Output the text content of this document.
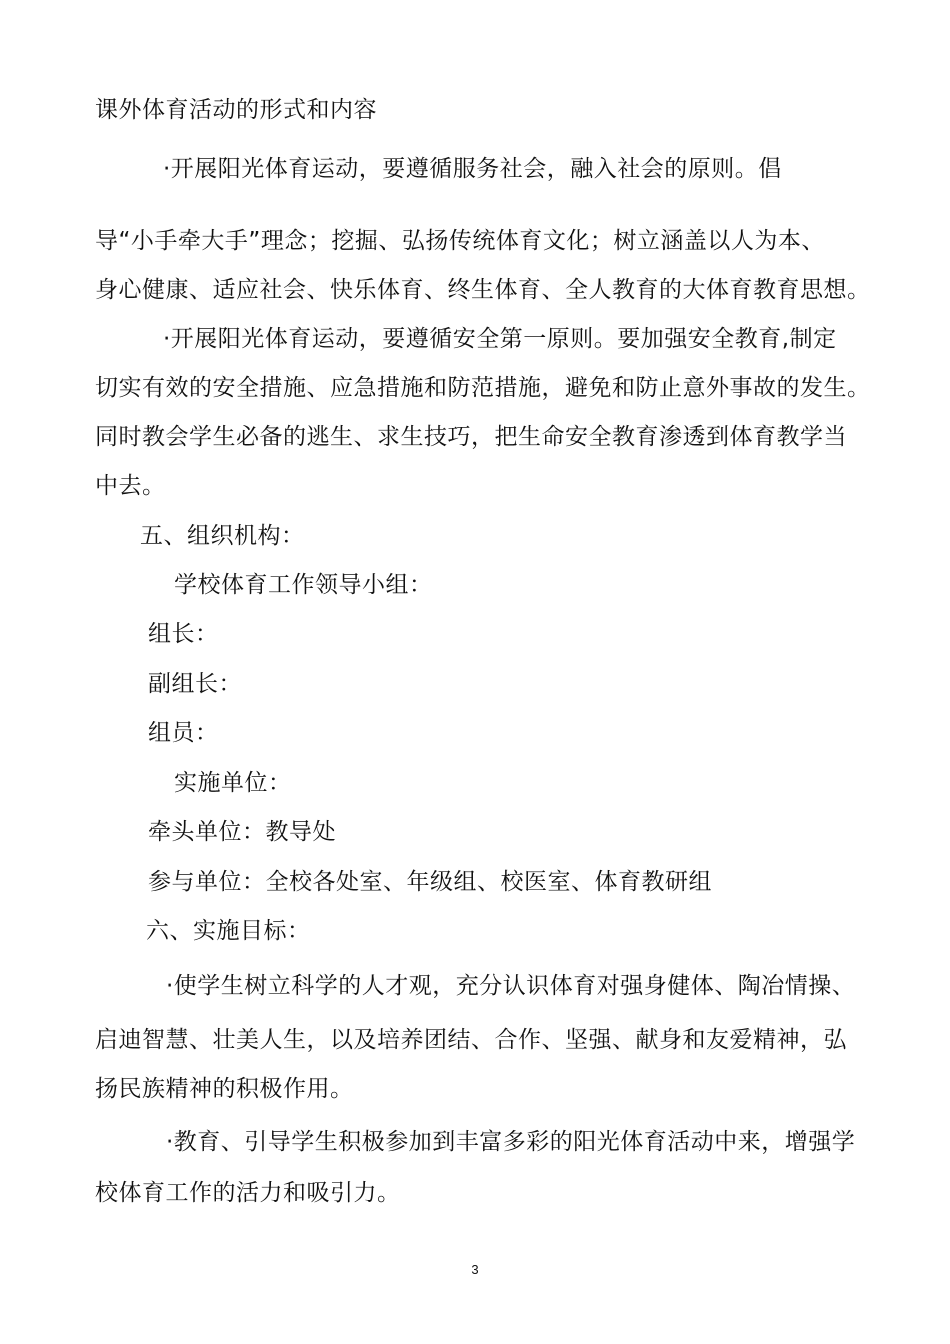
课外体育活动的形式和内容
·开展阳光体育运动，要遵循服务社会，融入社会的原则。倡
导“小手牵大手”理念；挖掘、弘扬传统体育文化；树立涵盖以人为本、
身心健康、适应社会、快乐体育、终生体育、全人教育的大体育教育思想。
·开展阳光体育运动，要遵循安全第一原则。要加强安全教育,制定
切实有效的安全措施、应急措施和防范措施，避免和防止意外事故的发生。
同时教会学生必备的逃生、求生技巧，把生命安全教育渗透到体育教学当
中去。
五、组织机构：
学校体育工作领导小组：
组长：
副组长：
组员：
实施单位：
牵头单位：教导处
参与单位：全校各处室、年级组、校医室、体育教研组
六、实施目标：
·使学生树立科学的人才观，充分认识体育对强身健体、陶冶情操、
启迪智慧、壮美人生，以及培养团结、合作、坚强、献身和友爱精神，弘
扬民族精神的积极作用。
·教育、引导学生积极参加到丰富多彩的阳光体育活动中来，增强学
校体育工作的活力和吸引力。
3
